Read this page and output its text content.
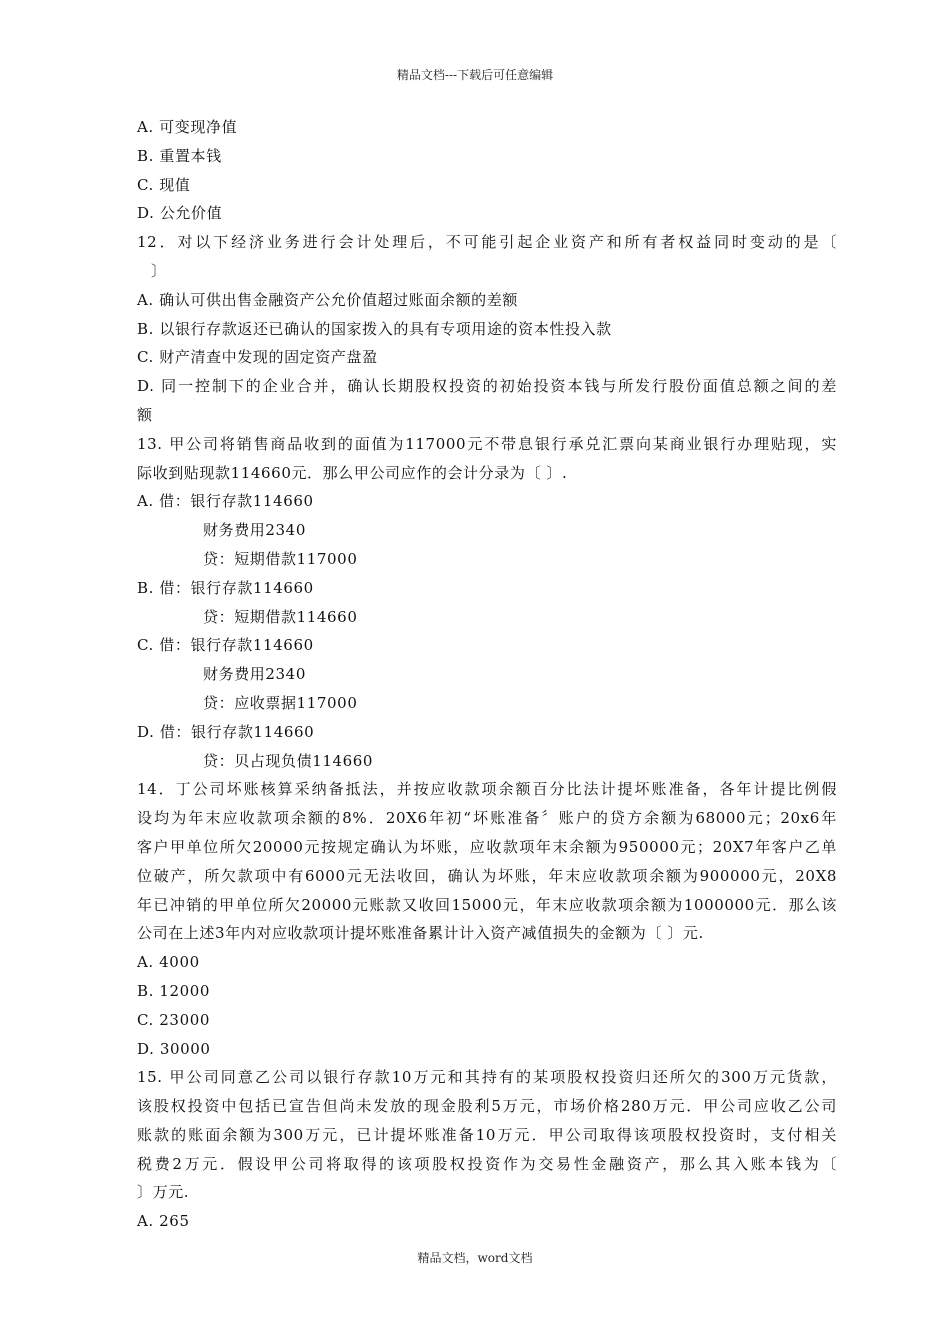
精品文档---下载后可任意编辑
A. 可变现净值
B. 重置本钱
C. 现值
D. 公允价值
12．对以下经济业务进行会计处理后，不可能引起企业资产和所有者权益同时变动的是〔
〕
A. 确认可供出售金融资产公允价值超过账面余额的差额
B. 以银行存款返还已确认的国家拨入的具有专项用途的资本性投入款
C. 财产清查中发现的固定资产盘盈
D. 同一控制下的企业合并，确认长期股权投资的初始投资本钱与所发行股份面值总额之间的差
额
13. 甲公司将销售商品收到的面值为117000元不带息银行承兑汇票向某商业银行办理贴现，实
际收到贴现款114660元．那么甲公司应作的会计分录为〔 〕.
A. 借：银行存款114660
财务费用2340
贷：短期借款117000
B. 借：银行存款114660
贷：短期借款114660
C. 借：银行存款114660
财务费用2340
贷：应收票据117000
D. 借：银行存款114660
贷：贝占现负债114660
14．丁公司坏账核算采纳备抵法，并按应收款项余额百分比法计提坏账准备，各年计提比例假
设均为年末应收款项余额的8%．20X6年初“坏账准备〞账户的贷方余额为68000元；20x6年
客户甲单位所欠20000元按规定确认为坏账，应收款项年末余额为950000元；20X7年客户乙单
位破产，所欠款项中有6000元无法收回，确认为坏账，年末应收款项余额为900000元，20X8
年已冲销的甲单位所欠20000元账款又收回15000元，年末应收款项余额为1000000元．那么该
公司在上述3年内对应收款项计提坏账准备累计计入资产减值损失的金额为〔 〕元.
A. 4000
B. 12000
C. 23000
D. 30000
15. 甲公司同意乙公司以银行存款10万元和其持有的某项股权投资归还所欠的300万元货款，
该股权投资中包括已宣告但尚未发放的现金股利5万元，市场价格280万元．甲公司应收乙公司
账款的账面余额为300万元，已计提坏账准备10万元．甲公司取得该项股权投资时，支付相关
税费2万元．假设甲公司将取得的该项股权投资作为交易性金融资产，那么其入账本钱为〔
〕万元.
A. 265
精品文档，word文档
